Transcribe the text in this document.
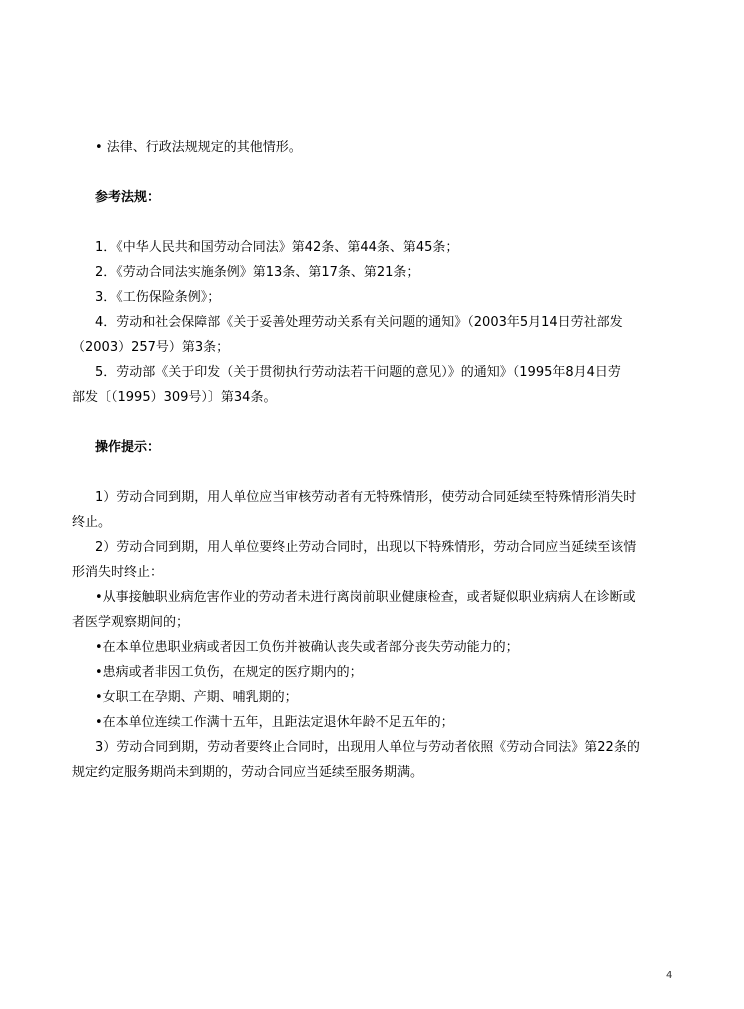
• 法律、行政法规规定的其他情形。
参考法规：
1．《中华人民共和国劳动合同法》第42条、第44条、第45条；
2．《劳动合同法实施条例》第13条、第17条、第21条；
3．《工伤保险条例》；
4．劳动和社会保障部《关于妥善处理劳动关系有关问题的通知》（2003年5月14日劳社部发
（2003）257号）第3条；
5．劳动部《关于印发（关于贯彻执行劳动法若干问题的意见）》的通知》（1995年8月4日劳
部发〔（1995）309号）〕第34条。
操作提示：
1）劳动合同到期，用人单位应当审核劳动者有无特殊情形，使劳动合同延续至特殊情形消失时
终止。
2）劳动合同到期，用人单位要终止劳动合同时，出现以下特殊情形，劳动合同应当延续至该情
形消失时终止：
•从事接触职业病危害作业的劳动者未进行离岗前职业健康检查，或者疑似职业病病人在诊断或
者医学观察期间的；
•在本单位患职业病或者因工负伤并被确认丧失或者部分丧失劳动能力的；
•患病或者非因工负伤，在规定的医疗期内的；
•女职工在孕期、产期、哺乳期的；
•在本单位连续工作满十五年，且距法定退休年龄不足五年的；
3）劳动合同到期，劳动者要终止合同时，出现用人单位与劳动者依照《劳动合同法》第22条的
规定约定服务期尚未到期的，劳动合同应当延续至服务期满。
4
